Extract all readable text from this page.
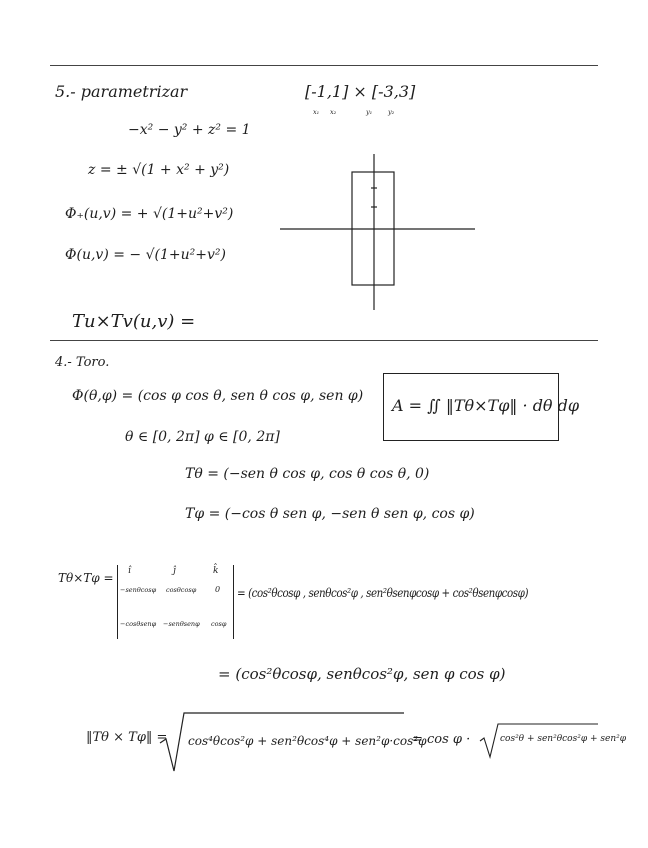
5.- parametrizar	[-1,1] × [-3,3]
x₁ x₂	y₁ y₂
−x² − y² + z² = 1
z = ± √(1 + x² + y²)
Φ₊(u,v) = + √(1+u²+v²)
Φ(u,v) = − √(1+u²+v²)
Tu×Tv(u,v) =
4.- Toro.
Φ(θ,φ) = (cos φ cos θ, sen θ cos φ, sen φ) A = ∬ ‖Tθ×Tφ‖ · dθ dφ
θ ∈ [0, 2π] φ ∈ [0, 2π]
Tθ = (−sen θ cos φ, cos θ cos θ, 0)
Tφ = (−cos θ sen φ, −sen θ sen φ, cos φ)
Tθ×Tφ = î	ĵ	k̂
−senθcosφ cosθcosφ 0
−cosθsenφ −senθsenφ cosφ
= (cos²θcosφ , senθcos²φ , sen²θsenφcosφ + cos²θsenφcosφ)
= (cos²θcosφ, senθcos²φ, sen φ cos φ)
‖Tθ × Tφ‖ = cos⁴θcos²φ + sen²θcos⁴φ + sen²φ·cos²φ
= cos φ ·	cos²θ + sen²θcos²φ + sen²φ
